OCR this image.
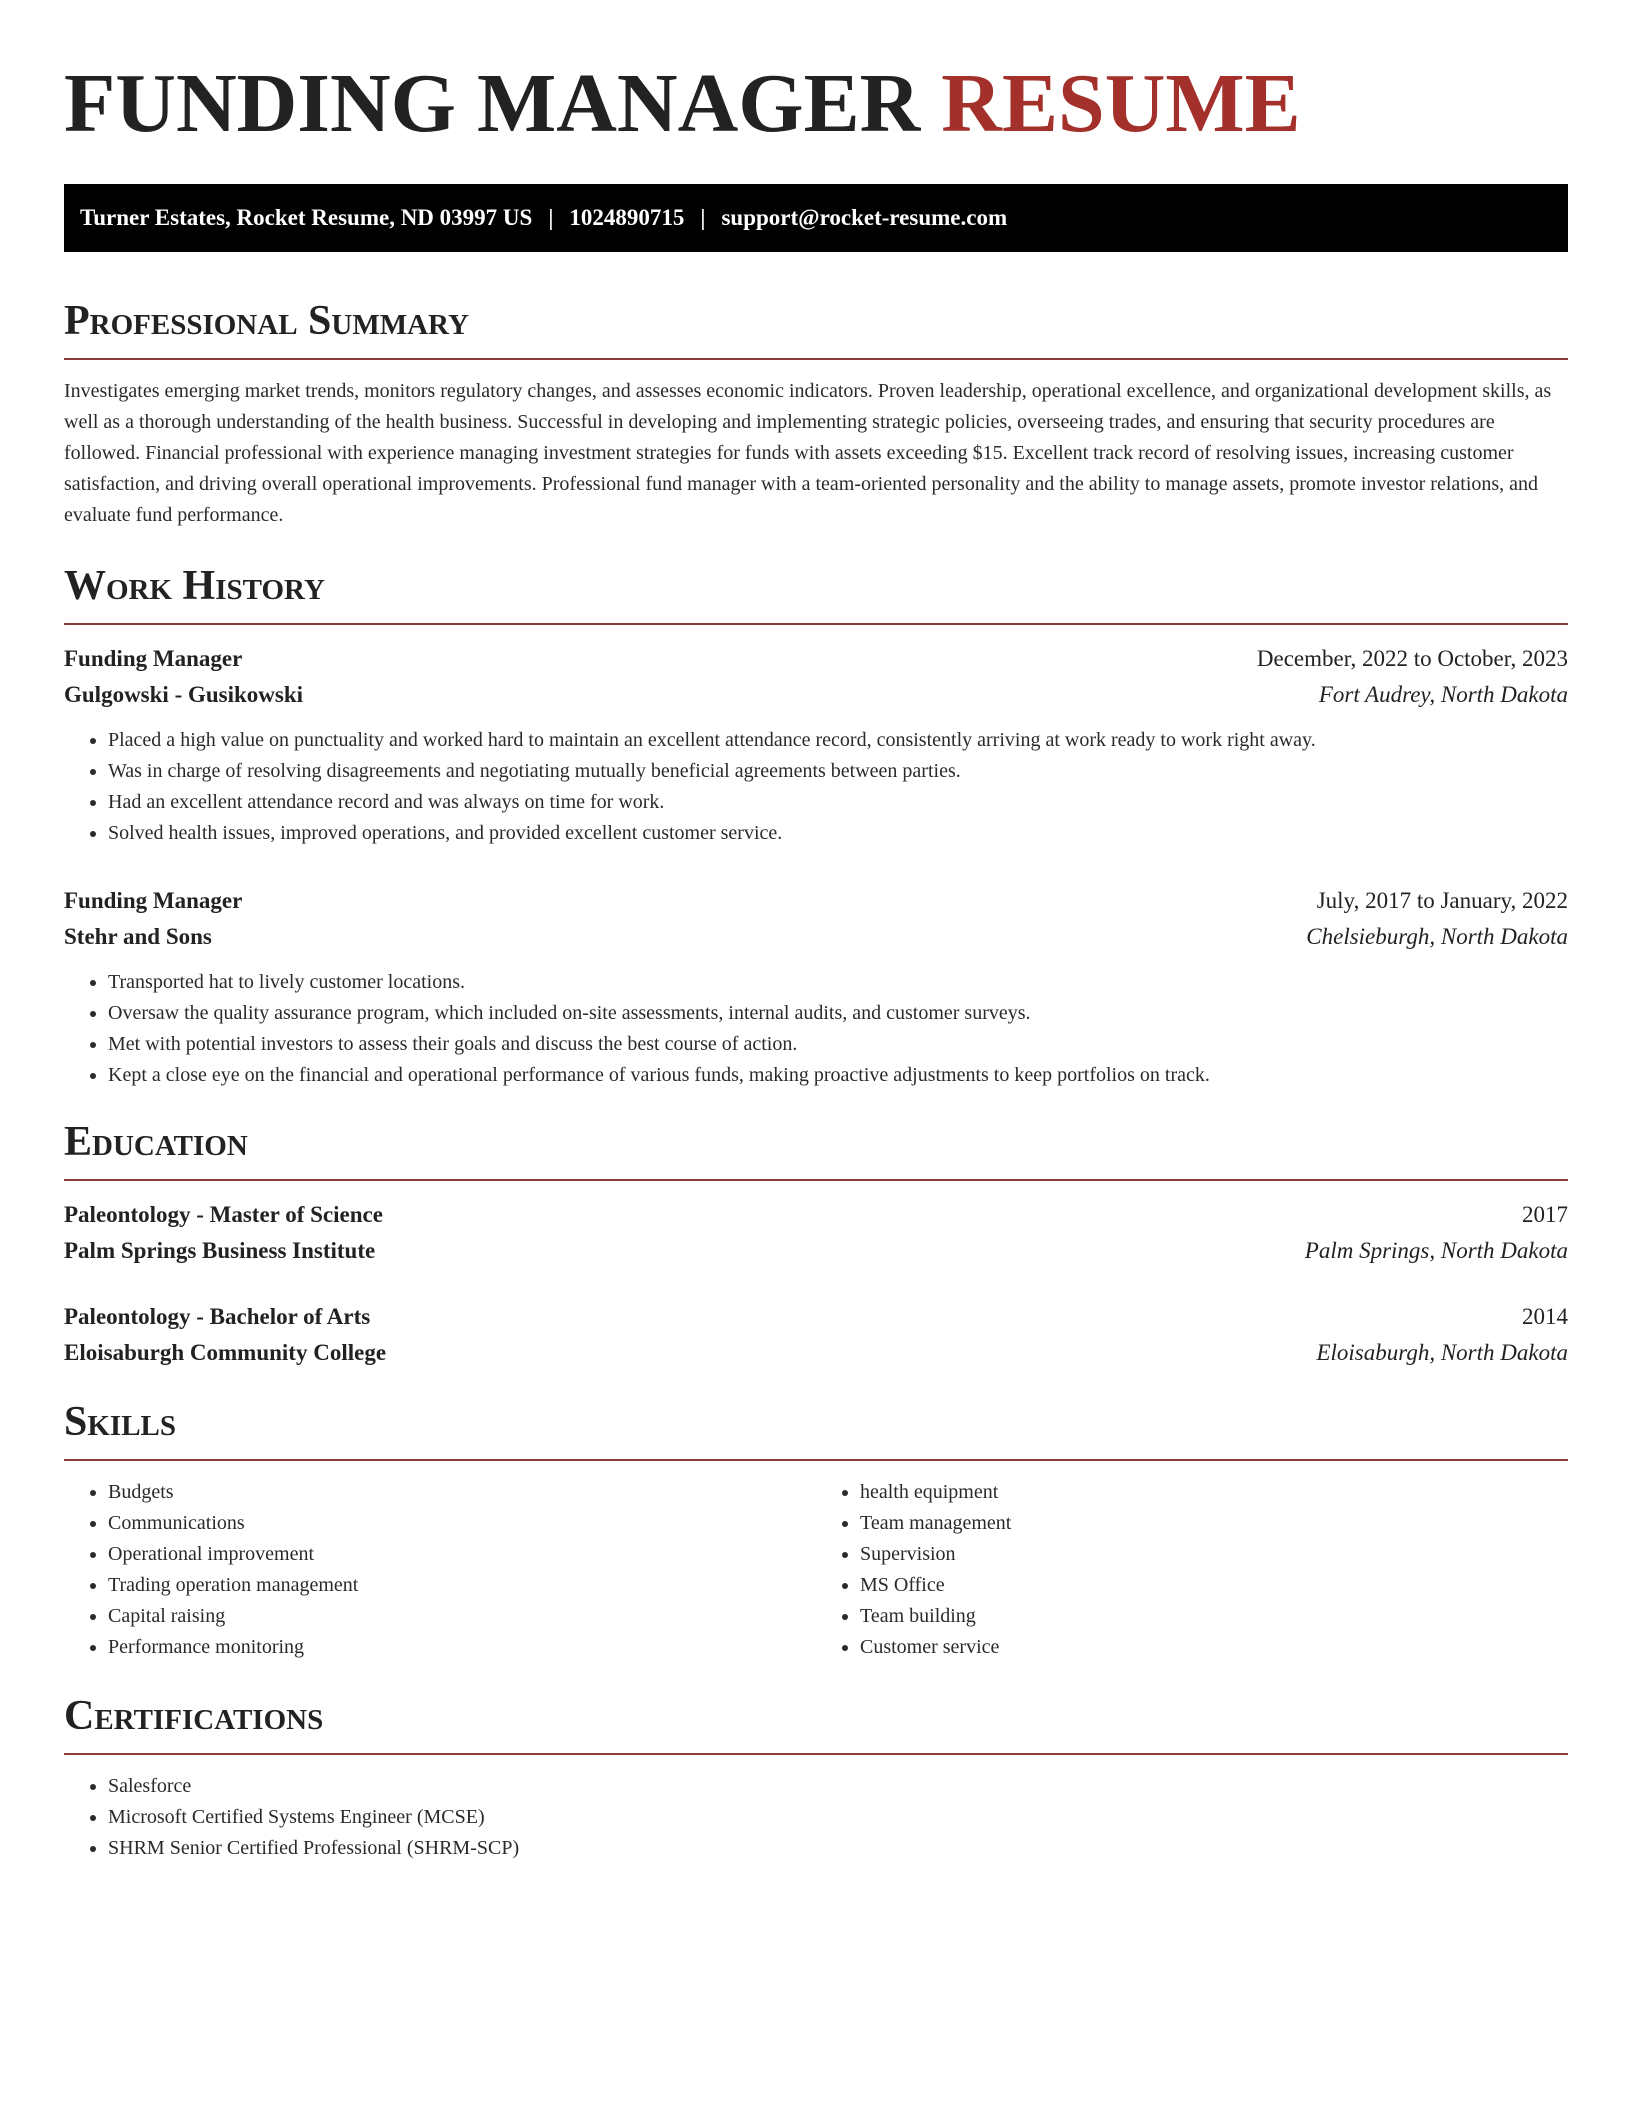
FUNDING MANAGER RESUME
Turner Estates, Rocket Resume, ND 03997 US | 1024890715 | support@rocket-resume.com
Professional Summary

Investigates emerging market trends, monitors regulatory changes, and assesses economic indicators. Proven leadership, operational excellence, and organizational development skills, as well as a thorough understanding of the health business. Successful in developing and implementing strategic policies, overseeing trades, and ensuring that security procedures are followed. Financial professional with experience managing investment strategies for funds with assets exceeding $15. Excellent track record of resolving issues, increasing customer satisfaction, and driving overall operational improvements. Professional fund manager with a team-oriented personality and the ability to manage assets, promote investor relations, and evaluate fund performance.

Work History
Funding Manager	December, 2022 to October, 2023
Gulgowski - Gusikowski	Fort Audrey, North Dakota
• Placed a high value on punctuality and worked hard to maintain an excellent attendance record, consistently arriving at work ready to work right away.
• Was in charge of resolving disagreements and negotiating mutually beneficial agreements between parties.
• Had an excellent attendance record and was always on time for work.
• Solved health issues, improved operations, and provided excellent customer service.
Funding Manager	July, 2017 to January, 2022
Stehr and Sons	Chelsieburgh, North Dakota
• Transported hat to lively customer locations.
• Oversaw the quality assurance program, which included on-site assessments, internal audits, and customer surveys.
• Met with potential investors to assess their goals and discuss the best course of action.
• Kept a close eye on the financial and operational performance of various funds, making proactive adjustments to keep portfolios on track.
Education
Paleontology - Master of Science	2017
Palm Springs Business Institute	Palm Springs, North Dakota
Paleontology - Bachelor of Arts	2014
Eloisaburgh Community College	Eloisaburgh, North Dakota
Skills
• Budgets
• Communications
• Operational improvement
• Trading operation management
• Capital raising
• Performance monitoring
• health equipment
• Team management
• Supervision
• MS Office
• Team building
• Customer service
Certifications
• Salesforce
• Microsoft Certified Systems Engineer (MCSE)
• SHRM Senior Certified Professional (SHRM-SCP)
